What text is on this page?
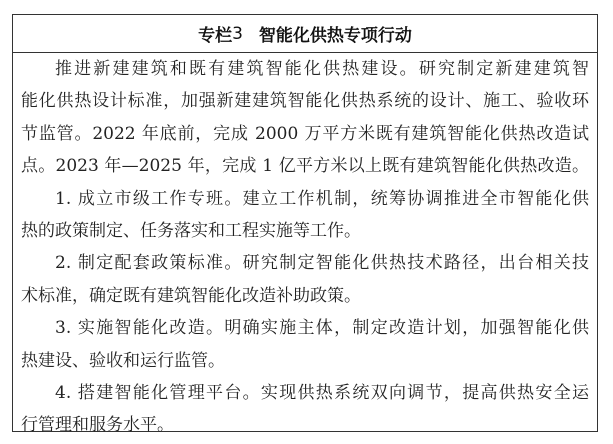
专栏 3 智能化供热专项行动
推进新建建筑和既有建筑智能化供热建设。研究制定新建建筑智
能化供热设计标准，加强新建建筑智能化供热系统的设计、施工、验收环
节监管。2022 年底前，完成 2000 万平方米既有建筑智能化供热改造试
点。2023 年—2025 年，完成 1 亿平方米以上既有建筑智能化供热改造。
1. 成立市级工作专班。建立工作机制，统筹协调推进全市智能化供
热的政策制定、任务落实和工程实施等工作。
2. 制定配套政策标准。研究制定智能化供热技术路径，出台相关技
术标准，确定既有建筑智能化改造补助政策。
3. 实施智能化改造。明确实施主体，制定改造计划，加强智能化供
热建设、验收和运行监管。
4. 搭建智能化管理平台。实现供热系统双向调节，提高供热安全运
行管理和服务水平。
